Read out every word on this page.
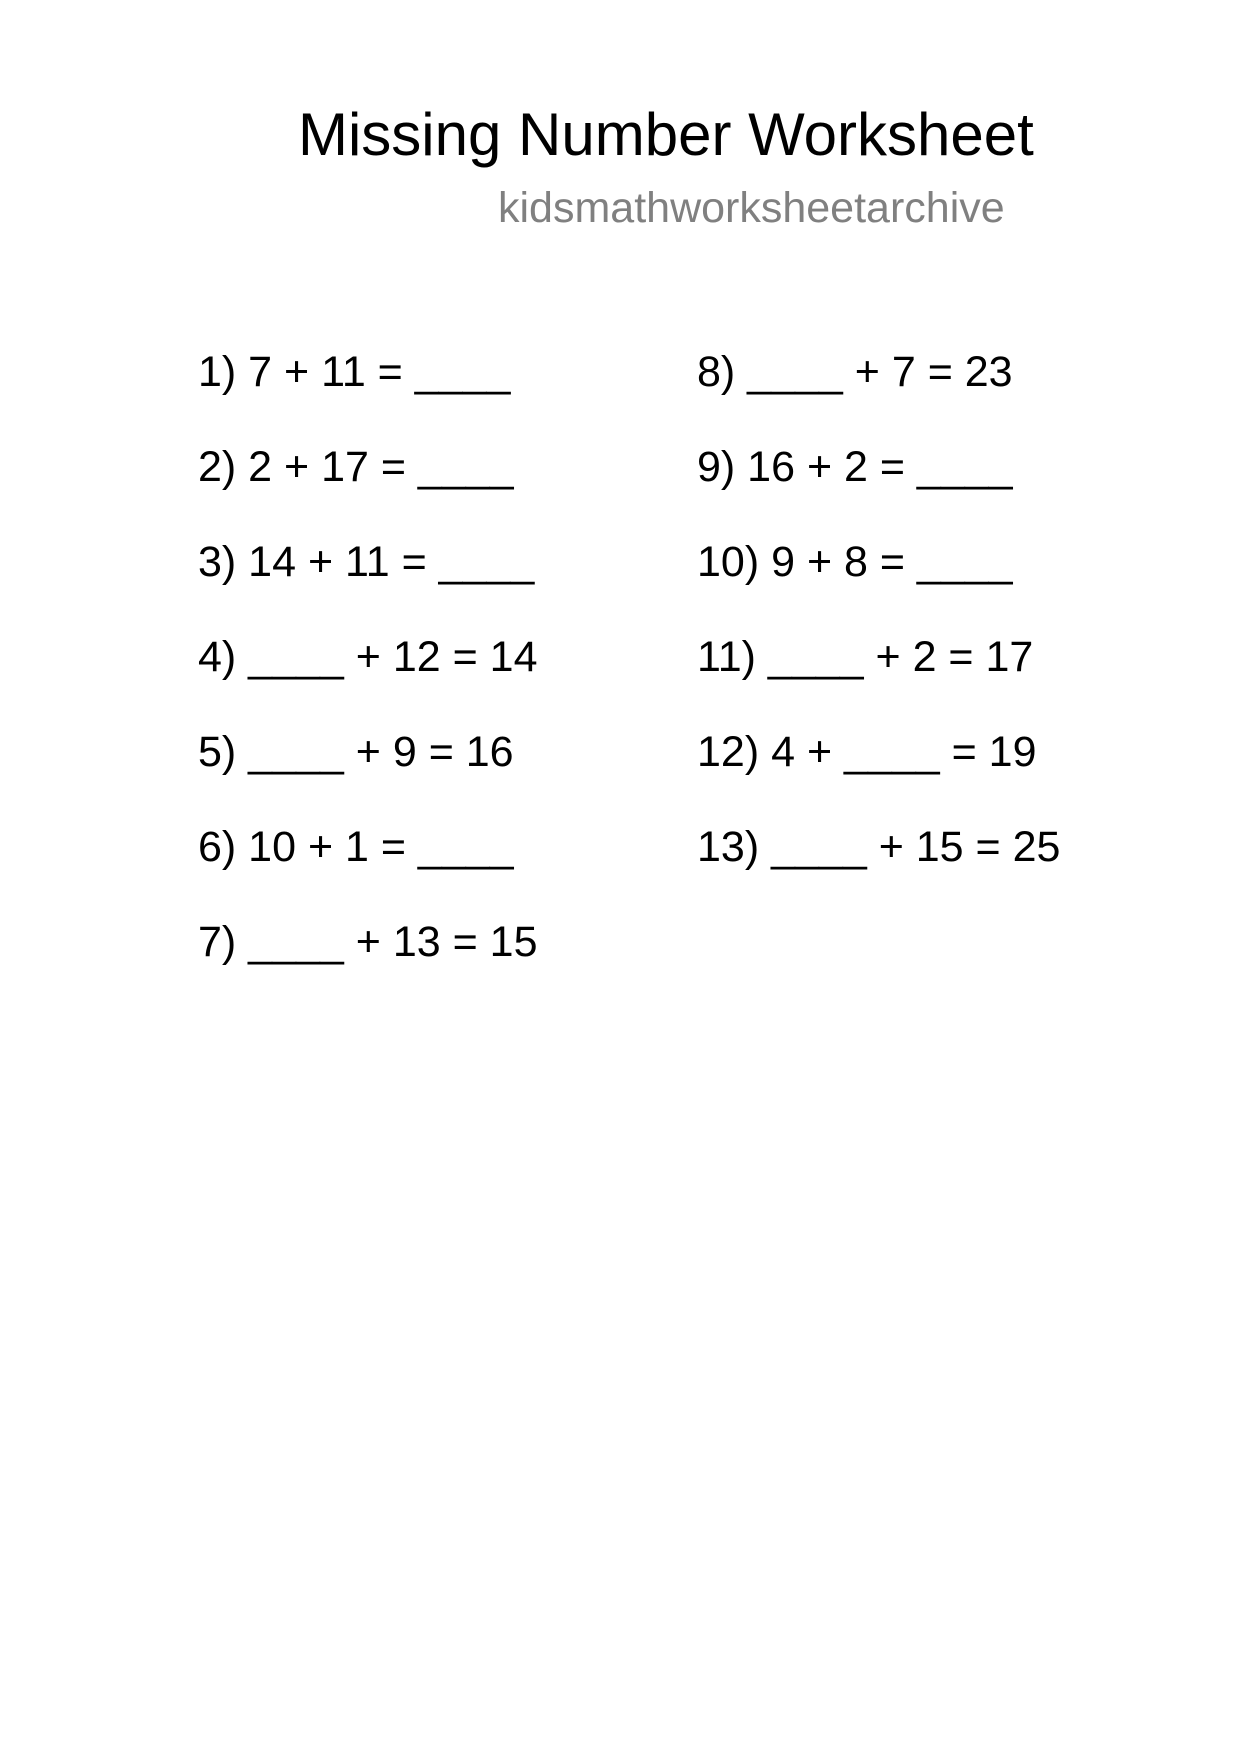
Missing Number Worksheet
kidsmathworksheetarchive
1) 7 + 11 = ____
2) 2 + 17 = ____
3) 14 + 11 = ____
4) ____ + 12 = 14
5) ____ + 9 = 16
6) 10 + 1 = ____
7) ____ + 13 = 15
8) ____ + 7 = 23
9) 16 + 2 = ____
10) 9 + 8 = ____
11) ____ + 2 = 17
12) 4 + ____ = 19
13) ____ + 15 = 25
